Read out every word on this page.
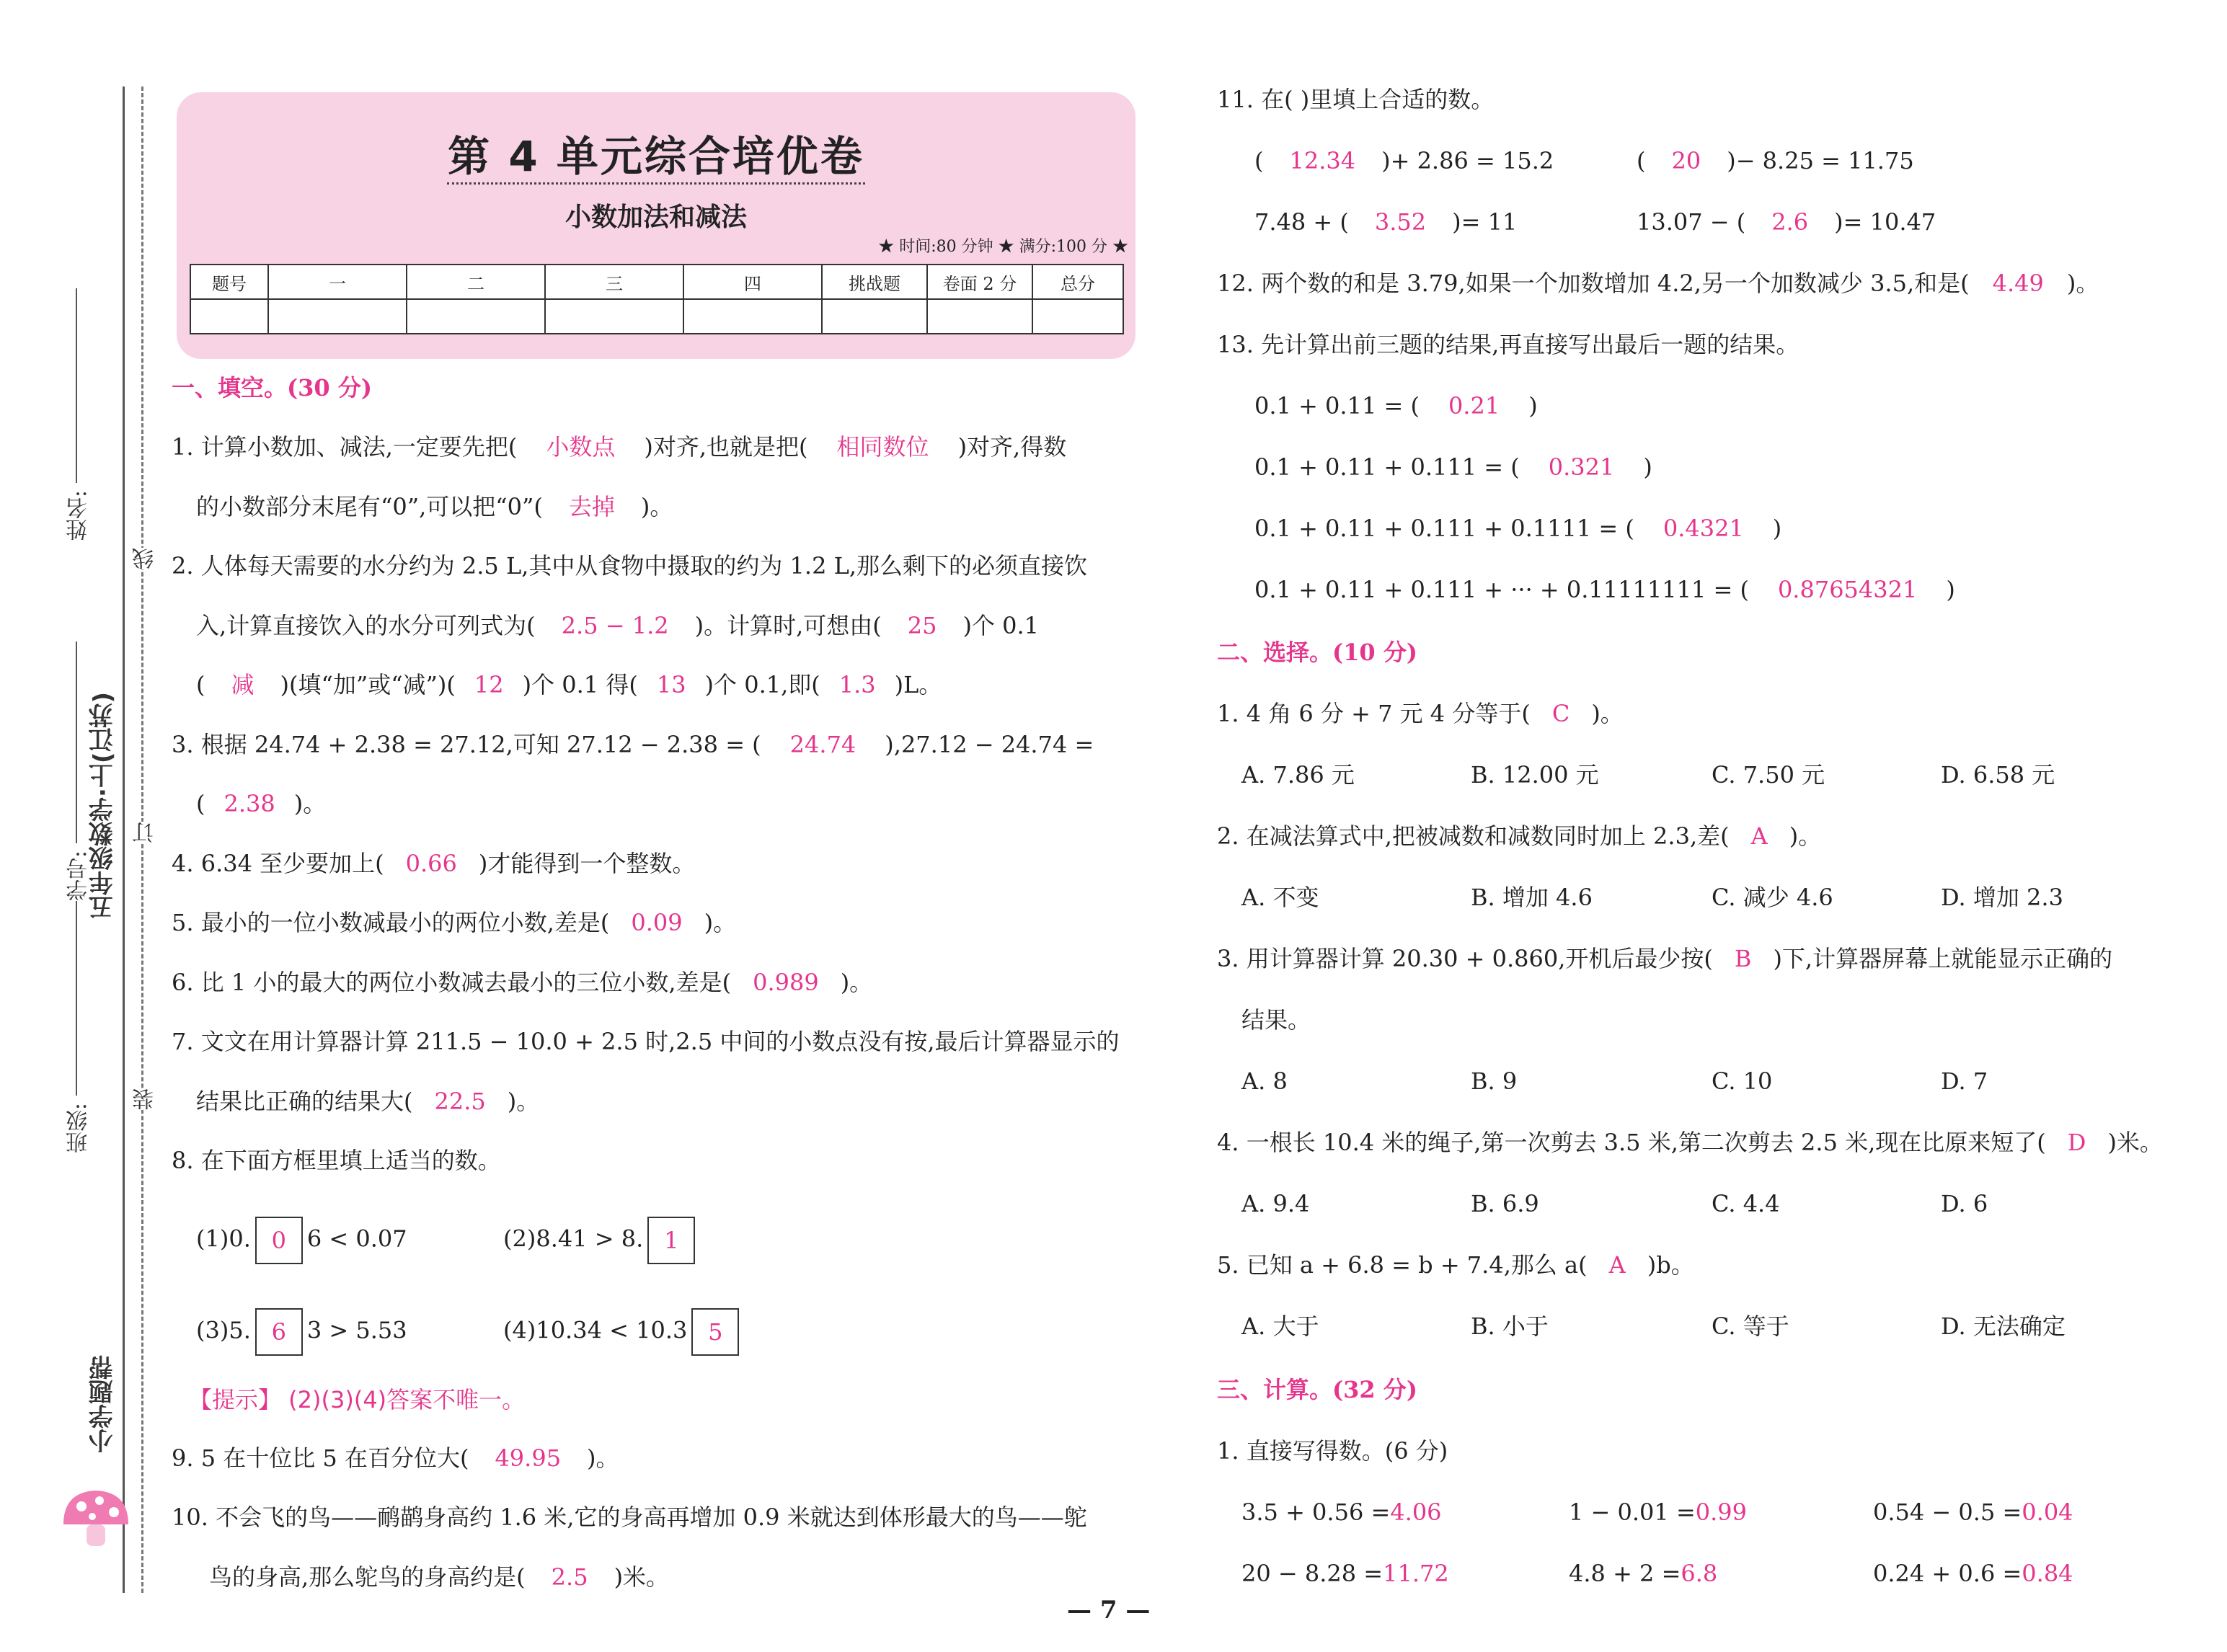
线
订
装
姓名:
学号:
班级:
五年级数学·上(江苏)
小学题帮
第 4 单元综合培优卷
小数加法和减法
★ 时间:80 分钟 ★ 满分:100 分 ★
题号	一	二	三	四	挑战题	卷面 2 分	总分

一、填空。(30 分)
1. 计算小数加、减法,一定要先把( 小数点 )对齐,也就是把( 相同数位 )对齐,得数
的小数部分末尾有“0”,可以把“0”( 去掉 )。
2. 人体每天需要的水分约为 2.5 L,其中从食物中摄取的约为 1.2 L,那么剩下的必须直接饮
入,计算直接饮入的水分可列式为( 2.5 − 1.2 )。计算时,可想由( 25 )个 0.1
( 减 )(填“加”或“减”)( 12 )个 0.1 得( 13 )个 0.1,即( 1.3 )L。
3. 根据 24.74 + 2.38 = 27.12,可知 27.12 − 2.38 = ( 24.74 ),27.12 − 24.74 =
( 2.38 )。
4. 6.34 至少要加上( 0.66 )才能得到一个整数。
5. 最小的一位小数减最小的两位小数,差是( 0.09 )。
6. 比 1 小的最大的两位小数减去最小的三位小数,差是( 0.989 )。
7. 文文在用计算器计算 211.5 − 10.0 + 2.5 时,2.5 中间的小数点没有按,最后计算器显示的
结果比正确的结果大( 22.5 )。
8. 在下面方框里填上适当的数。
(1)0. 0 6 < 0.07	(2)8.41 > 8. 1
(3)5. 6 3 > 5.53	(4)10.34 < 10.3 5
【提示】 (2)(3)(4)答案不唯一。
9. 5 在十位比 5 在百分位大( 49.95 )。
10. 不会飞的鸟——鸸鹋身高约 1.6 米,它的身高再增加 0.9 米就达到体形最大的鸟——鸵
鸟的身高,那么鸵鸟的身高约是( 2.5 )米。
11. 在( )里填上合适的数。
( 12.34 )+ 2.86 = 15.2	( 20 )− 8.25 = 11.75
7.48 + ( 3.52 )= 11	13.07 − ( 2.6 )= 10.47
12. 两个数的和是 3.79,如果一个加数增加 4.2,另一个加数减少 3.5,和是( 4.49 )。
13. 先计算出前三题的结果,再直接写出最后一题的结果。
0.1 + 0.11 = ( 0.21 )
0.1 + 0.11 + 0.111 = ( 0.321 )
0.1 + 0.11 + 0.111 + 0.1111 = ( 0.4321 )
0.1 + 0.11 + 0.111 + ··· + 0.11111111 = ( 0.87654321 )
二、选择。(10 分)
1. 4 角 6 分 + 7 元 4 分等于( C )。
A. 7.86 元	B. 12.00 元	C. 7.50 元	D. 6.58 元
2. 在减法算式中,把被减数和减数同时加上 2.3,差( A )。
A. 不变	B. 增加 4.6	C. 减少 4.6	D. 增加 2.3
3. 用计算器计算 20.30 + 0.860,开机后最少按( B )下,计算器屏幕上就能显示正确的
结果。
A. 8	B. 9	C. 10	D. 7
4. 一根长 10.4 米的绳子,第一次剪去 3.5 米,第二次剪去 2.5 米,现在比原来短了( D )米。
A. 9.4	B. 6.9	C. 4.4	D. 6
5. 已知 a + 6.8 = b + 7.4,那么 a( A )b。
A. 大于	B. 小于	C. 等于	D. 无法确定
三、计算。(32 分)
1. 直接写得数。(6 分)
3.5 + 0.56 =4.06	1 − 0.01 =0.99	0.54 − 0.5 =0.04
20 − 8.28 =11.72	4.8 + 2 =6.8	0.24 + 0.6 =0.84
— 7 —
